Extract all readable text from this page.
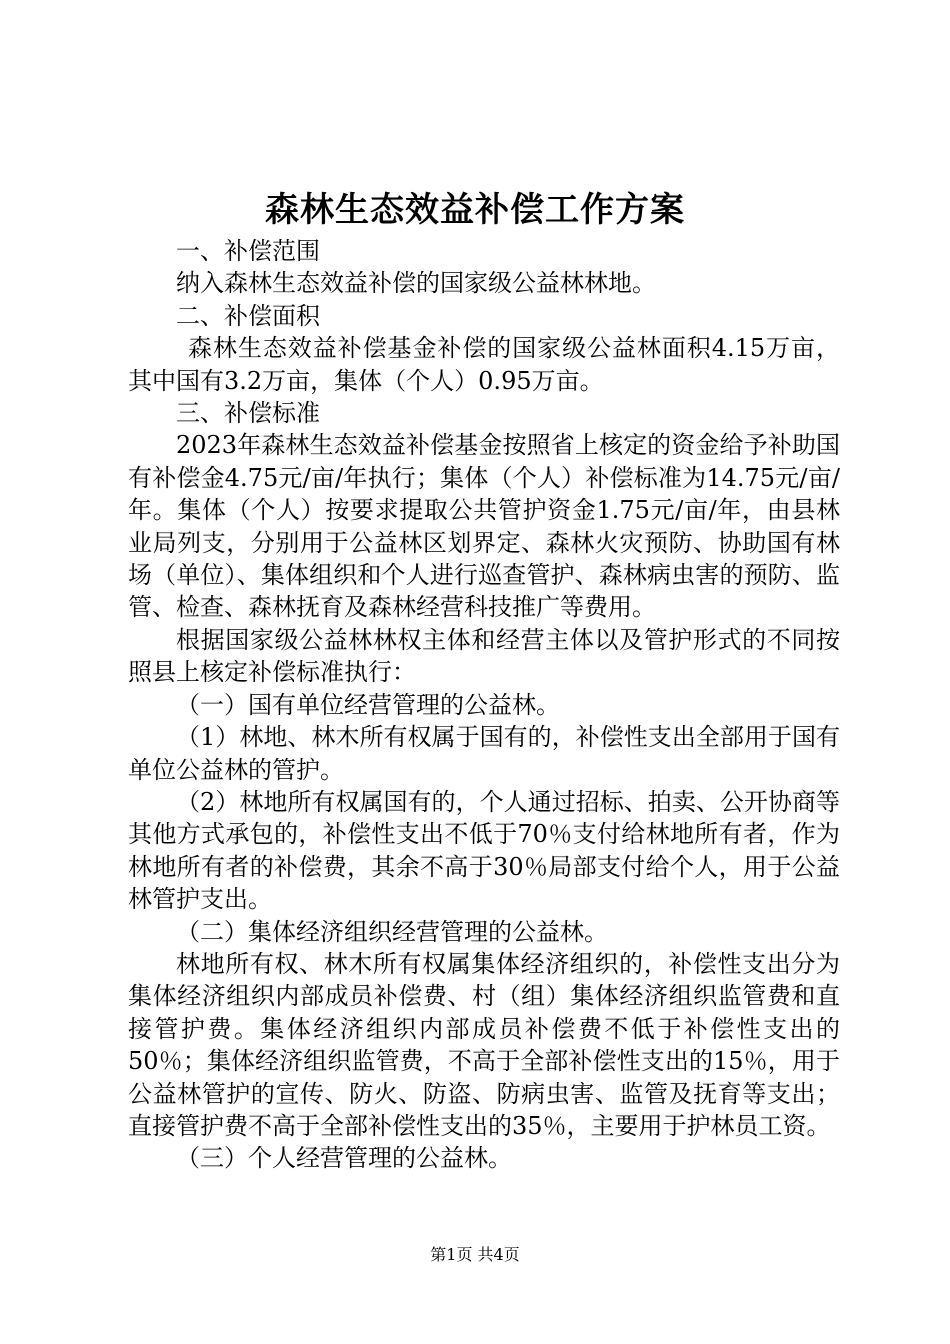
森林生态效益补偿工作方案

一、补偿范围

纳入森林生态效益补偿的国家级公益林林地。

二、补偿面积

森林生态效益补偿基金补偿的国家级公益林面积4.15万亩，其中国有3.2万亩，集体（个人）0.95万亩。

三、补偿标准

2023年森林生态效益补偿基金按照省上核定的资金给予补助国有补偿金4.75元/亩/年执行；集体（个人）补偿标准为14.75元/亩/年。集体（个人）按要求提取公共管护资金1.75元/亩/年，由县林业局列支，分别用于公益林区划界定、森林火灾预防、协助国有林场（单位）、集体组织和个人进行巡查管护、森林病虫害的预防、监管、检查、森林抚育及森林经营科技推广等费用。

根据国家级公益林林权主体和经营主体以及管护形式的不同按照县上核定补偿标准执行：

（一）国有单位经营管理的公益林。

（1）林地、林木所有权属于国有的，补偿性支出全部用于国有单位公益林的管护。

（2）林地所有权属国有的，个人通过招标、拍卖、公开协商等其他方式承包的，补偿性支出不低于70％支付给林地所有者，作为林地所有者的补偿费，其余不高于30％局部支付给个人，用于公益林管护支出。

（二）集体经济组织经营管理的公益林。

林地所有权、林木所有权属集体经济组织的，补偿性支出分为集体经济组织内部成员补偿费、村（组）集体经济组织监管费和直接管护费。集体经济组织内部成员补偿费不低于补偿性支出的50％；集体经济组织监管费，不高于全部补偿性支出的15％，用于公益林管护的宣传、防火、防盗、防病虫害、监管及抚育等支出；直接管护费不高于全部补偿性支出的35％，主要用于护林员工资。

（三）个人经营管理的公益林。

第1页 共4页
